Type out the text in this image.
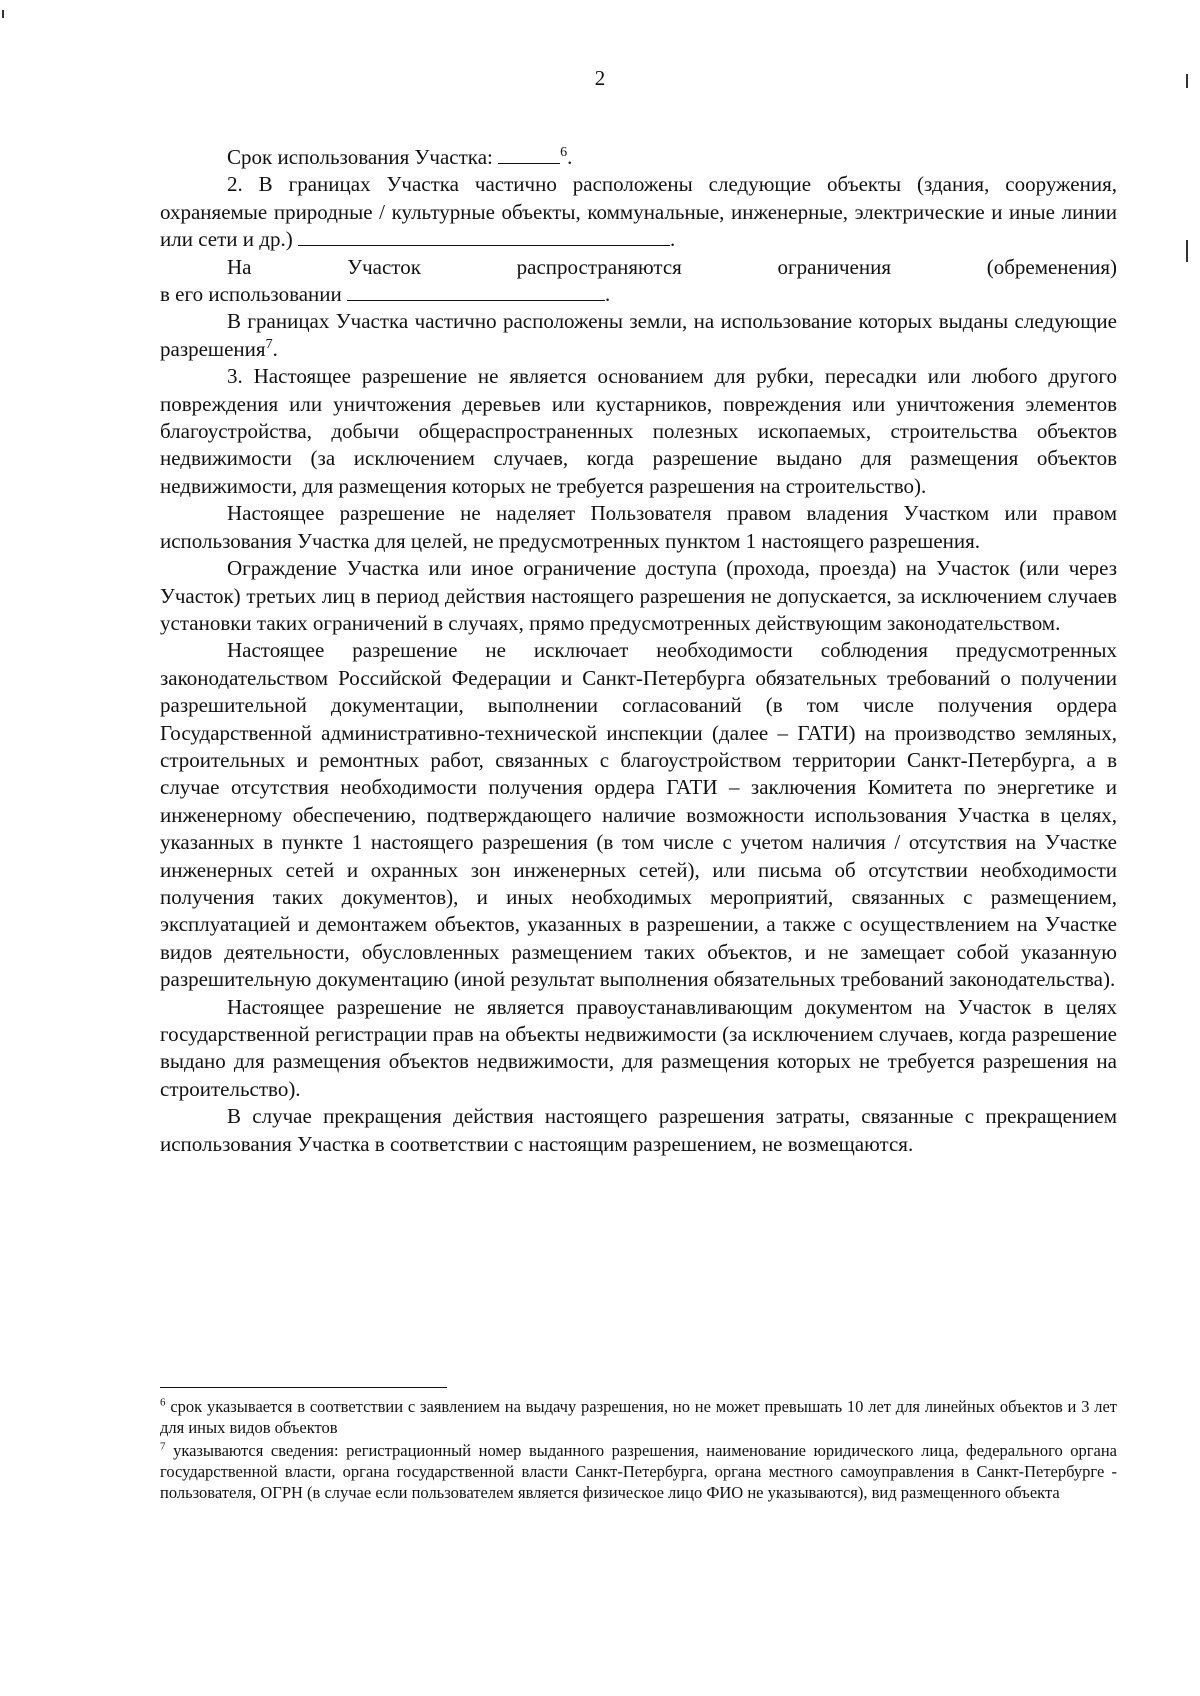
2

Срок использования Участка:	$^6$.

2. В границах Участка частично расположены следующие объекты (здания, сооружения, охраняемые природные / культурные объекты, коммунальные, инженерные, электрические и иные линии или сети и др.)	.

На	Участок	распространяются	ограничения	(обременения)

в его использовании	.

В границах Участка частично расположены земли, на использование которых выданы следующие разрешения$^7$.

3. Настоящее разрешение не является основанием для рубки, пересадки или любого другого повреждения или уничтожения деревьев или кустарников, повреждения или уничтожения элементов благоустройства, добычи общераспространенных полезных ископаемых, строительства объектов недвижимости (за исключением случаев, когда разрешение выдано для размещения объектов недвижимости, для размещения которых не требуется разрешения на строительство).

Настоящее разрешение не наделяет Пользователя правом владения Участком или правом использования Участка для целей, не предусмотренных пунктом 1 настоящего разрешения.

Ограждение Участка или иное ограничение доступа (прохода, проезда) на Участок (или через Участок) третьих лиц в период действия настоящего разрешения не допускается, за исключением случаев установки таких ограничений в случаях, прямо предусмотренных действующим законодательством.

Настоящее разрешение не исключает необходимости соблюдения предусмотренных законодательством Российской Федерации и Санкт-Петербурга обязательных требований о получении разрешительной документации, выполнении согласований (в том числе получения ордера Государственной административно-технической инспекции (далее – ГАТИ) на производство земляных, строительных и ремонтных работ, связанных с благоустройством территории Санкт-Петербурга, а в случае отсутствия необходимости получения ордера ГАТИ – заключения Комитета по энергетике и инженерному обеспечению, подтверждающего наличие возможности использования Участка в целях, указанных в пункте 1 настоящего разрешения (в том числе с учетом наличия / отсутствия на Участке инженерных сетей и охранных зон инженерных сетей), или письма об отсутствии необходимости получения таких документов), и иных необходимых мероприятий, связанных с размещением, эксплуатацией и демонтажем объектов, указанных в разрешении, а также с осуществлением на Участке видов деятельности, обусловленных размещением таких объектов, и не замещает собой указанную разрешительную документацию (иной результат выполнения обязательных требований законодательства).

Настоящее разрешение не является правоустанавливающим документом на Участок в целях государственной регистрации прав на объекты недвижимости (за исключением случаев, когда разрешение выдано для размещения объектов недвижимости, для размещения которых не требуется разрешения на строительство).

В случае прекращения действия настоящего разрешения затраты, связанные с прекращением использования Участка в соответствии с настоящим разрешением, не возмещаются.

$^6$ срок указывается в соответствии с заявлением на выдачу разрешения, но не может превышать 10 лет для линейных объектов и 3 лет для иных видов объектов

$^7$ указываются сведения: регистрационный номер выданного разрешения, наименование юридического лица, федерального органа государственной власти, органа государственной власти Санкт-Петербурга, органа местного самоуправления в Санкт-Петербурге - пользователя, ОГРН (в случае если пользователем является физическое лицо ФИО не указываются), вид размещенного объекта
